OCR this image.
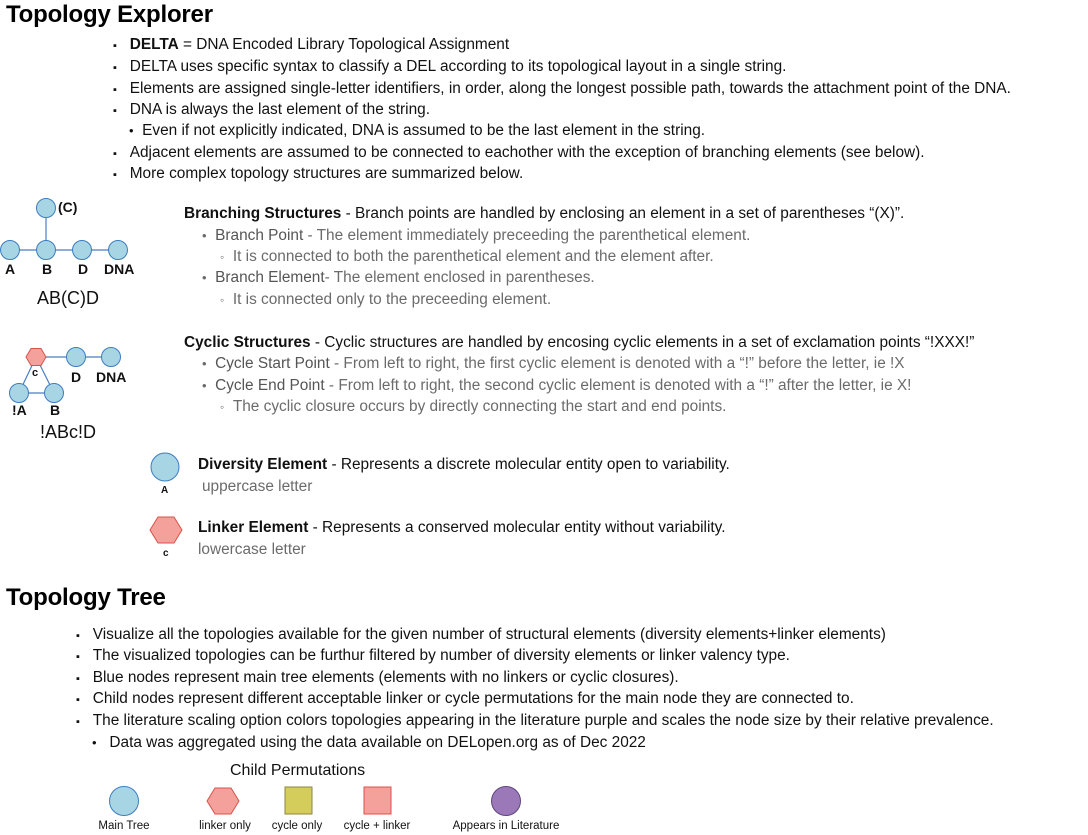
Topology Explorer
▪ DELTA = DNA Encoded Library Topological Assignment
▪ DELTA uses specific syntax to classify a DEL according to its topological layout in a single string.
▪ Elements are assigned single-letter identifiers, in order, along the longest possible path, towards the attachment point of the DNA.
▪ DNA is always the last element of the string.
• Even if not explicitly indicated, DNA is assumed to be the last element in the string.
▪ Adjacent elements are assumed to be connected to eachother with the exception of branching elements (see below).
▪ More complex topology structures are summarized below.
(C)
A B D DNA
AB(C)D
Branching Structures - Branch points are handled by enclosing an element in a set of parentheses “(X)”.
• Branch Point - The element immediately preceeding the parenthetical element.
◦ It is connected to both the parenthetical element and the element after.
• Branch Element- The element enclosed in parentheses.
◦ It is connected only to the preceeding element.
c D DNA
!A B
!ABc!D
Cyclic Structures - Cyclic structures are handled by encosing cyclic elements in a set of exclamation points “!XXX!”
• Cycle Start Point - From left to right, the first cyclic element is denoted with a “!” before the letter, ie !X
• Cycle End Point - From left to right, the second cyclic element is denoted with a “!” after the letter, ie X!
◦ The cyclic closure occurs by directly connecting the start and end points.
A
Diversity Element - Represents a discrete molecular entity open to variability.
uppercase letter
c
Linker Element - Represents a conserved molecular entity without variability.
lowercase letter
Topology Tree
▪ Visualize all the topologies available for the given number of structural elements (diversity elements+linker elements)
▪ The visualized topologies can be furthur filtered by number of diversity elements or linker valency type.
▪ Blue nodes represent main tree elements (elements with no linkers or cyclic closures).
▪ Child nodes represent different acceptable linker or cycle permutations for the main node they are connected to.
▪ The literature scaling option colors topologies appearing in the literature purple and scales the node size by their relative prevalence.
• Data was aggregated using the data available on DELopen.org as of Dec 2022
Child Permutations
Main Tree	linker only	cycle only	cycle + linker	Appears in Literature
